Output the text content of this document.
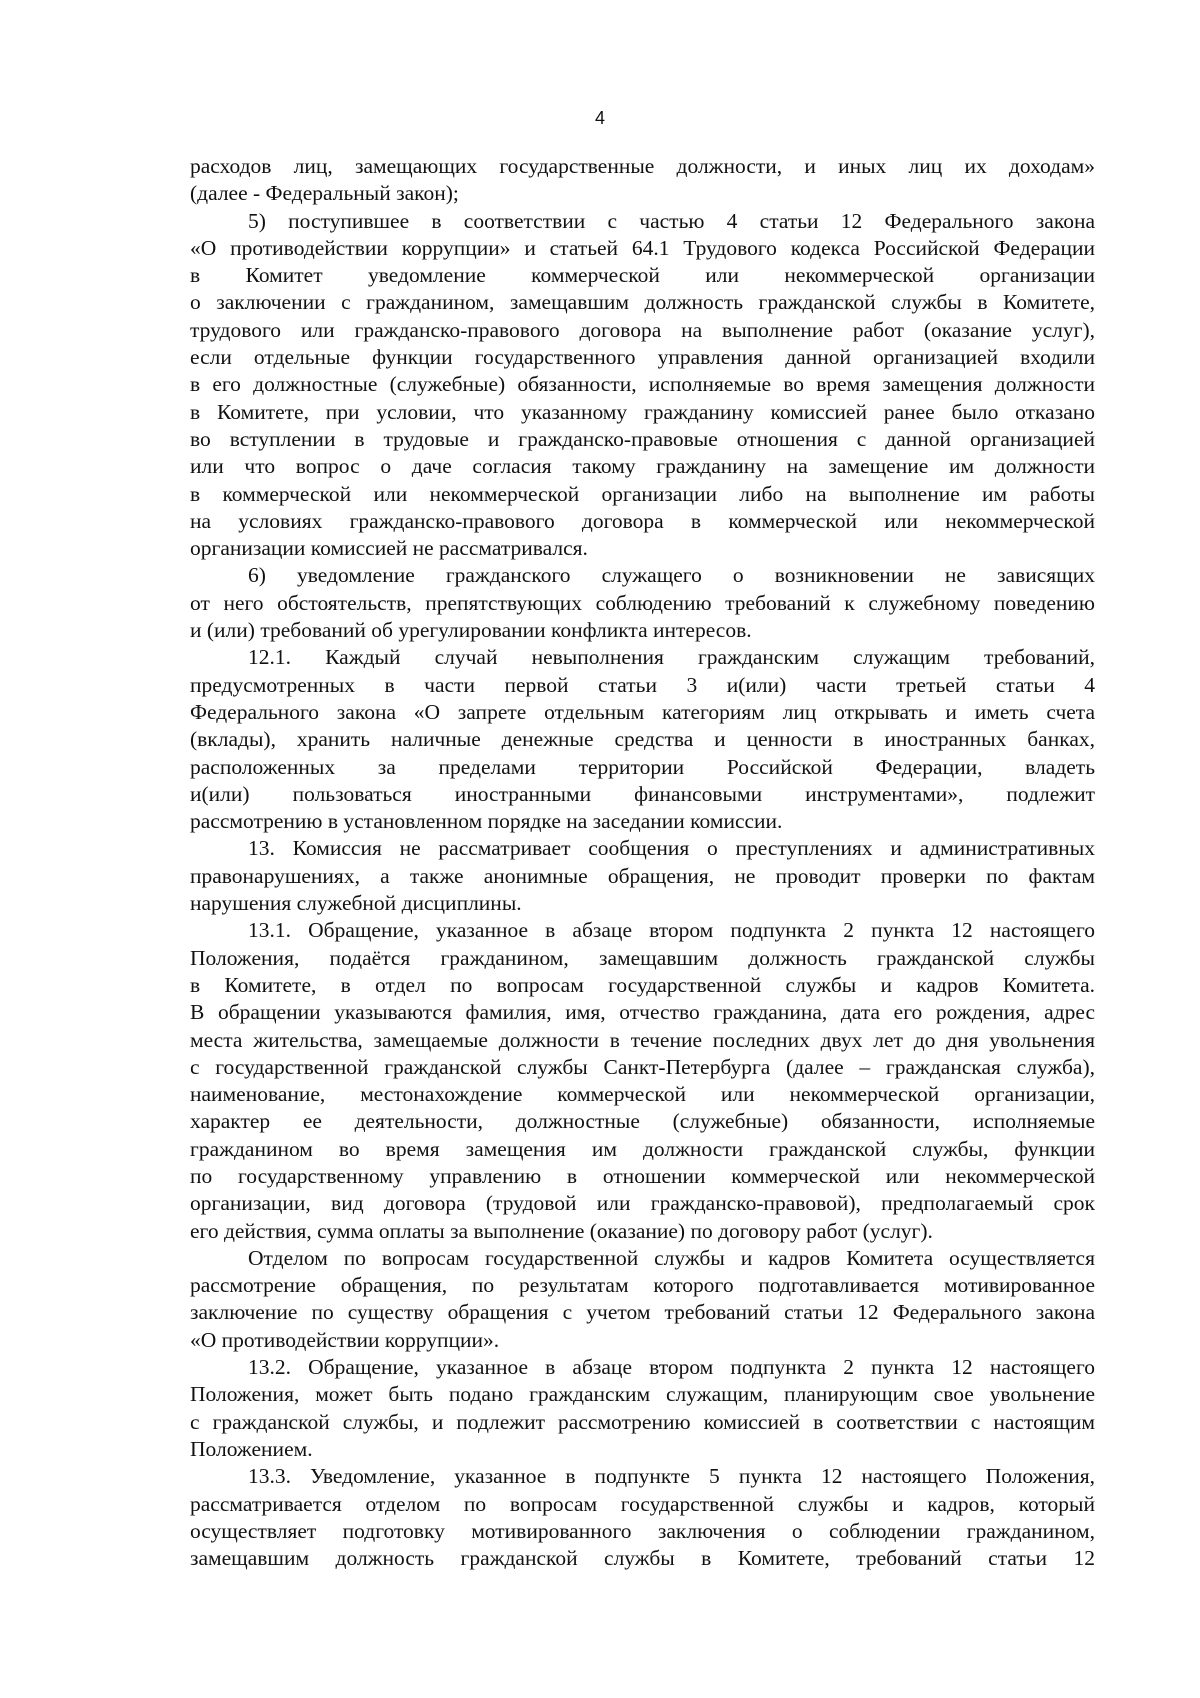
4
расходов лиц, замещающих государственные должности, и иных лиц их доходам»
(далее - Федеральный закон);
5) поступившее в соответствии с частью 4 статьи 12 Федерального закона
«О противодействии коррупции» и статьей 64.1 Трудового кодекса Российской Федерации
в Комитет уведомление коммерческой или некоммерческой организации
о заключении с гражданином, замещавшим должность гражданской службы в Комитете,
трудового или гражданско-правового договора на выполнение работ (оказание услуг),
если отдельные функции государственного управления данной организацией входили
в его должностные (служебные) обязанности, исполняемые во время замещения должности
в Комитете, при условии, что указанному гражданину комиссией ранее было отказано
во вступлении в трудовые и гражданско-правовые отношения с данной организацией
или что вопрос о даче согласия такому гражданину на замещение им должности
в коммерческой или некоммерческой организации либо на выполнение им работы
на условиях гражданско-правового договора в коммерческой или некоммерческой
организации комиссией не рассматривался.
6) уведомление гражданского служащего о возникновении не зависящих
от него обстоятельств, препятствующих соблюдению требований к служебному поведению
и (или) требований об урегулировании конфликта интересов.
12.1. Каждый случай невыполнения гражданским служащим требований,
предусмотренных в части первой статьи 3 и(или) части третьей статьи 4
Федерального закона «О запрете отдельным категориям лиц открывать и иметь счета
(вклады), хранить наличные денежные средства и ценности в иностранных банках,
расположенных за пределами территории Российской Федерации, владеть
и(или) пользоваться иностранными финансовыми инструментами», подлежит
рассмотрению в установленном порядке на заседании комиссии.
13. Комиссия не рассматривает сообщения о преступлениях и административных
правонарушениях, а также анонимные обращения, не проводит проверки по фактам
нарушения служебной дисциплины.
13.1. Обращение, указанное в абзаце втором подпункта 2 пункта 12 настоящего
Положения, подаётся гражданином, замещавшим должность гражданской службы
в Комитете, в отдел по вопросам государственной службы и кадров Комитета.
В обращении указываются фамилия, имя, отчество гражданина, дата его рождения, адрес
места жительства, замещаемые должности в течение последних двух лет до дня увольнения
с государственной гражданской службы Санкт-Петербурга (далее – гражданская служба),
наименование, местонахождение коммерческой или некоммерческой организации,
характер ее деятельности, должностные (служебные) обязанности, исполняемые
гражданином во время замещения им должности гражданской службы, функции
по государственному управлению в отношении коммерческой или некоммерческой
организации, вид договора (трудовой или гражданско-правовой), предполагаемый срок
его действия, сумма оплаты за выполнение (оказание) по договору работ (услуг).
Отделом по вопросам государственной службы и кадров Комитета осуществляется
рассмотрение обращения, по результатам которого подготавливается мотивированное
заключение по существу обращения с учетом требований статьи 12 Федерального закона
«О противодействии коррупции».
13.2. Обращение, указанное в абзаце втором подпункта 2 пункта 12 настоящего
Положения, может быть подано гражданским служащим, планирующим свое увольнение
с гражданской службы, и подлежит рассмотрению комиссией в соответствии с настоящим
Положением.
13.3. Уведомление, указанное в подпункте 5 пункта 12 настоящего Положения,
рассматривается отделом по вопросам государственной службы и кадров, который
осуществляет подготовку мотивированного заключения о соблюдении гражданином,
замещавшим должность гражданской службы в Комитете, требований статьи 12
